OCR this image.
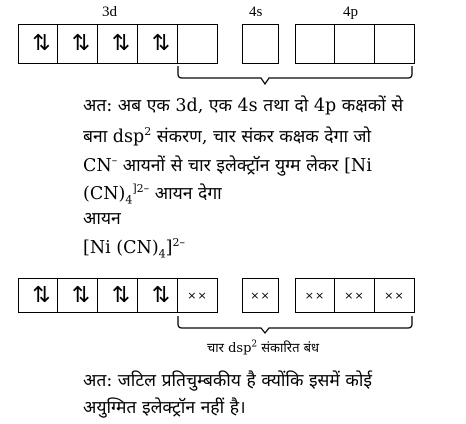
3d	4s	4p
⇅ ⇅ ⇅ ⇅
अत: अब एक 3d, एक 4s तथा दो 4p कक्षकों से
बना dsp$^2$ संकरण, चार संकर कक्षक देगा जो
CN– आयनों से चार इलेक्ट्रॉन युग्म लेकर [Ni
$(CN)_4^{]2-}$ आयन देगा
आयन
[Ni $(CN)_4]^{2-}$
⇅ ⇅ ⇅ ⇅ ××	××	×× ×× ××
चार dsp$^2$ संकारित बंध
अत: जटिल प्रतिचुम्बकीय है क्योंकि इसमें कोई
अयुग्मित इलेक्ट्रॉन नहीं है।
